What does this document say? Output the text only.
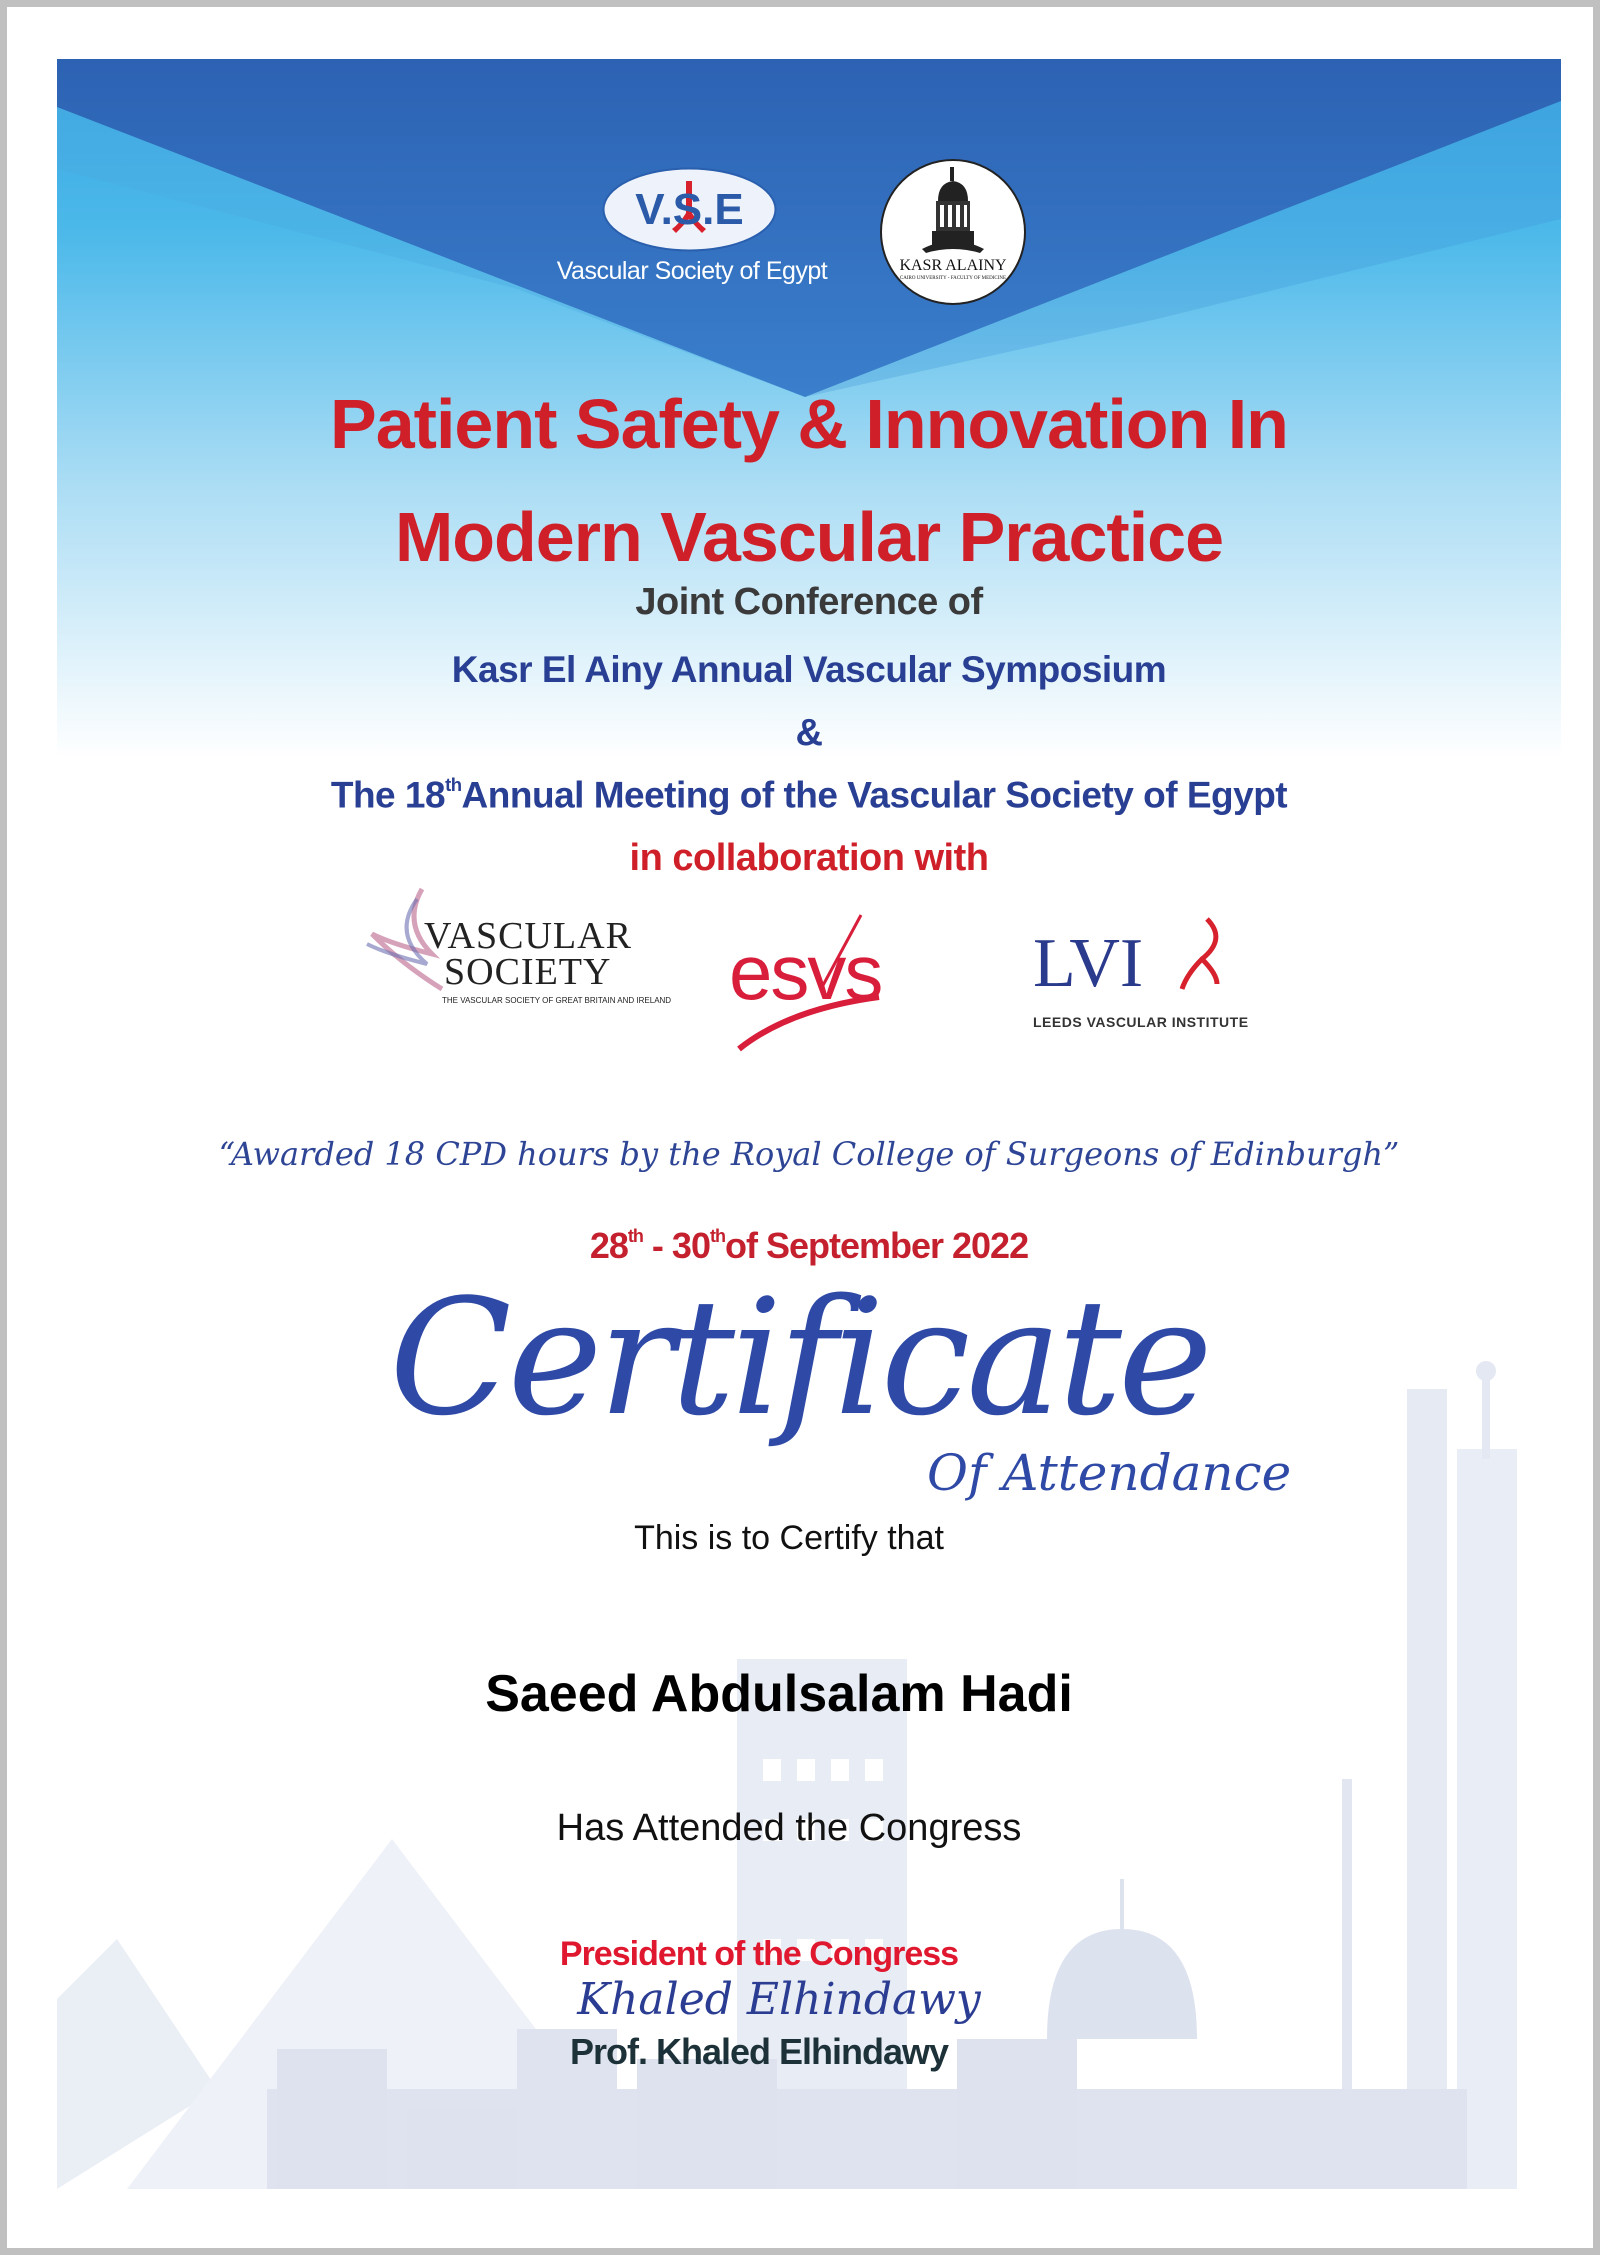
V.S.E
Vascular Society of Egypt	KASR ALAINY
CAIRO UNIVERSITY - FACULTY OF MEDICINE
Patient Safety & Innovation In
Modern Vascular Practice
Joint Conference of
Kasr El Ainy Annual Vascular Symposium
&
The 18thAnnual Meeting of the Vascular Society of Egypt
in collaboration with
VASCULAR
SOCIETY
THE VASCULAR SOCIETY OF GREAT BRITAIN AND IRELAND esvs LVI
LEEDS VASCULAR INSTITUTE
“Awarded 18 CPD hours by the Royal College of Surgeons of Edinburgh”
28th - 30thof September 2022
Certificate
Of Attendance
This is to Certify that
Saeed Abdulsalam Hadi
Has Attended the Congress
President of the Congress
Khaled Elhindawy
Prof. Khaled Elhindawy
